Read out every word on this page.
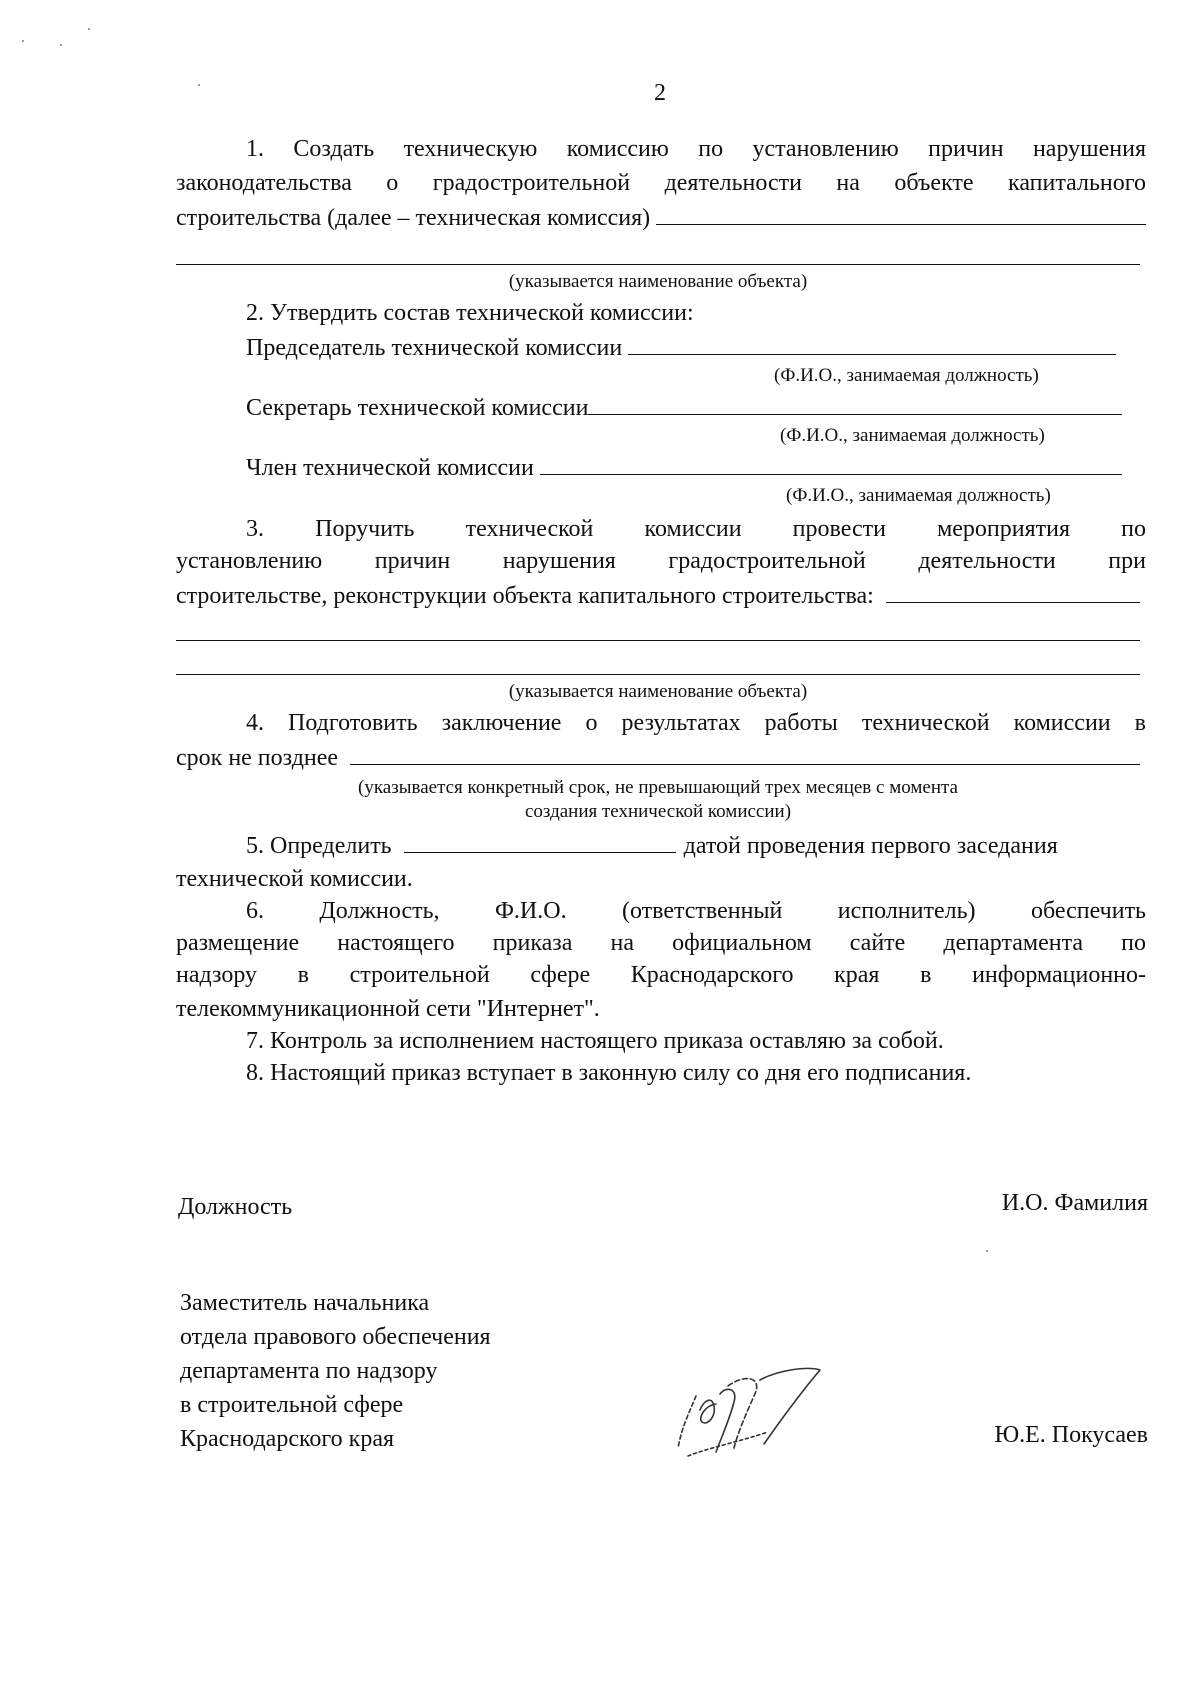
2
1. Создать техническую комиссию по установлению причин нарушения
законодательства о градостроительной деятельности на объекте капитального
строительства (далее – техническая комиссия)
(указывается наименование объекта)
2. Утвердить состав технической комиссии:
Председатель технической комиссии
(Ф.И.О., занимаемая должность)
Секретарь технической комиссии
(Ф.И.О., занимаемая должность)
Член технической комиссии
(Ф.И.О., занимаемая должность)
3. Поручить технической комиссии провести мероприятия по
установлению причин нарушения градостроительной деятельности при
строительстве, реконструкции объекта капитального строительства:
(указывается наименование объекта)
4. Подготовить заключение о результатах работы технической комиссии в
срок не позднее
(указывается конкретный срок, не превышающий трех месяцев с момента
создания технической комиссии)
5. Определить	датой проведения первого заседания
технической комиссии.
6. Должность, Ф.И.О. (ответственный исполнитель) обеспечить
размещение настоящего приказа на официальном сайте департамента по
надзору в строительной сфере Краснодарского края в информационно-
телекоммуникационной сети "Интернет".
7. Контроль за исполнением настоящего приказа оставляю за собой.
8. Настоящий приказ вступает в законную силу со дня его подписания.
Должность	И.О. Фамилия
Заместитель начальника
отдела правового обеспечения
департамента по надзору
в строительной сфере
Краснодарского края	Ю.Е. Покусаев
